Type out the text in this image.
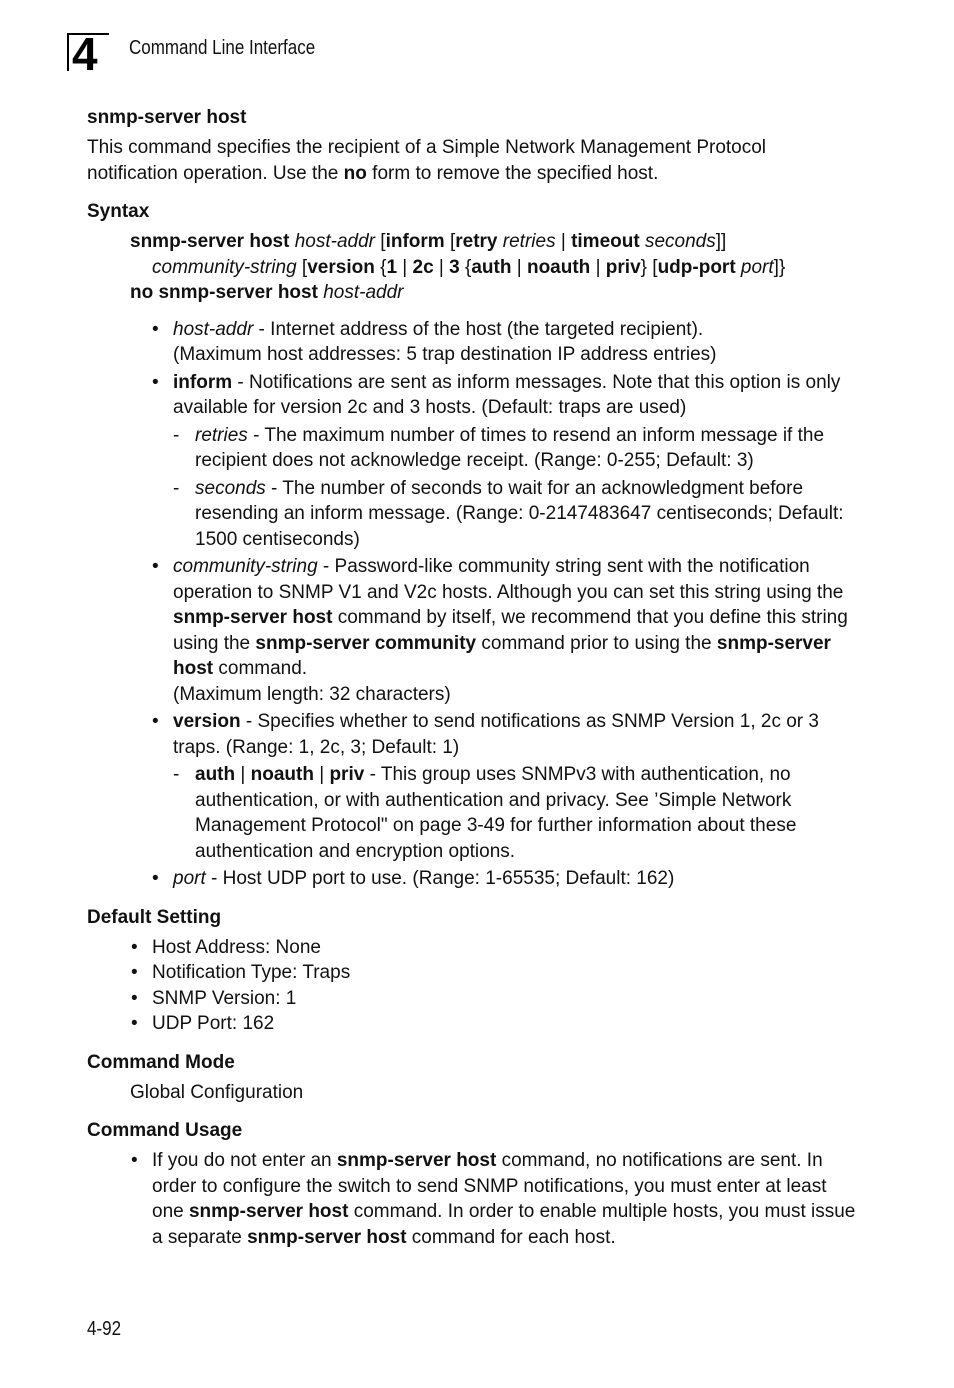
4 Command Line Interface
snmp-server host

This command specifies the recipient of a Simple Network Management Protocol notification operation. Use the no form to remove the specified host.

Syntax
snmp-server host host-addr [inform [retry retries | timeout seconds]]
community-string [version {1 | 2c | 3 {auth | noauth | priv} [udp-port port]}
no snmp-server host host-addr
• host-addr - Internet address of the host (the targeted recipient).
(Maximum host addresses: 5 trap destination IP address entries)
• inform - Notifications are sent as inform messages. Note that this option is only available for version 2c and 3 hosts. (Default: traps are used)
- retries - The maximum number of times to resend an inform message if the recipient does not acknowledge receipt. (Range: 0-255; Default: 3)
- seconds - The number of seconds to wait for an acknowledgment before resending an inform message. (Range: 0-2147483647 centiseconds; Default: 1500 centiseconds)
• community-string - Password-like community string sent with the notification operation to SNMP V1 and V2c hosts. Although you can set this string using the snmp-server host command by itself, we recommend that you define this string using the snmp-server community command prior to using the snmp-server host command.
(Maximum length: 32 characters)
• version - Specifies whether to send notifications as SNMP Version 1, 2c or 3 traps. (Range: 1, 2c, 3; Default: 1)
- auth | noauth | priv - This group uses SNMPv3 with authentication, no authentication, or with authentication and privacy. See ’Simple Network Management Protocol" on page 3-49 for further information about these authentication and encryption options.
• port - Host UDP port to use. (Range: 1-65535; Default: 162)
Default Setting
• Host Address: None
• Notification Type: Traps
• SNMP Version: 1
• UDP Port: 162
Command Mode

Global Configuration

Command Usage
• If you do not enter an snmp-server host command, no notifications are sent. In order to configure the switch to send SNMP notifications, you must enter at least one snmp-server host command. In order to enable multiple hosts, you must issue a separate snmp-server host command for each host.
4-92
